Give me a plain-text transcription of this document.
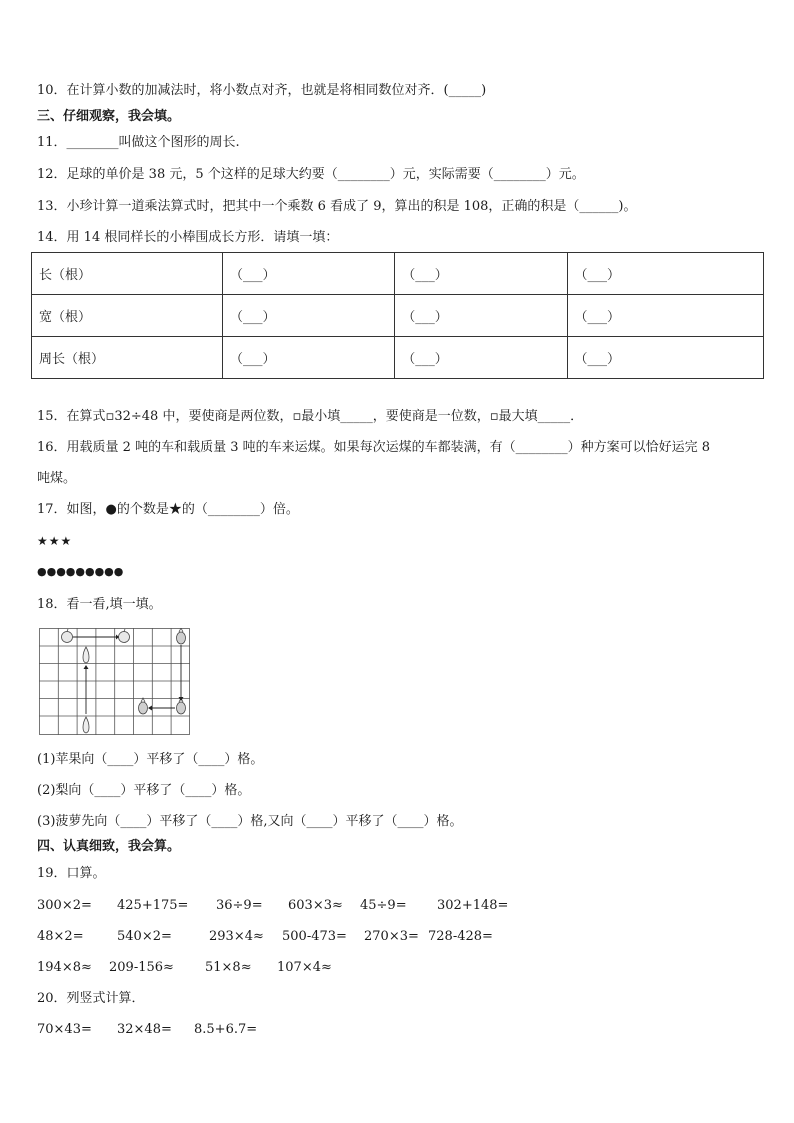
10．在计算小数的加减法时，将小数点对齐，也就是将相同数位对齐．(_____)
三、仔细观察，我会填。
11．________叫做这个图形的周长.
12．足球的单价是 38 元，5 个这样的足球大约要（________）元，实际需要（________）元。
13．小珍计算一道乘法算式时，把其中一个乘数 6 看成了 9，算出的积是 108，正确的积是（______)。
14．用 14 根同样长的小棒围成长方形．请填一填：
长（根）	（___）	（___）	（___）
宽（根）	（___）	（___）	（___）
周长（根）	（___）	（___）	（___）
15．在算式▫32÷48 中，要使商是两位数，▫最小填_____，要使商是一位数，▫最大填_____．
16．用载质量 2 吨的车和载质量 3 吨的车来运煤。如果每次运煤的车都装满，有（________）种方案可以恰好运完 8
吨煤。
17．如图，●的个数是★的（________）倍。
★★★
●●●●●●●●●
18．看一看,填一填。
(1)苹果向（____）平移了（____）格。
(2)梨向（____）平移了（____）格。
(3)菠萝先向（____）平移了（____）格,又向（____）平移了（____）格。
四、认真细致，我会算。
19．口算。
300×2= 425+175= 36÷9= 603×3≈ 45÷9= 302+148=
48×2=	540×2=	293×4≈ 500-473= 270×3= 728-428=
194×8≈ 209-156≈ 51×8≈ 107×4≈
20．列竖式计算．
70×43= 32×48= 8.5+6.7=
